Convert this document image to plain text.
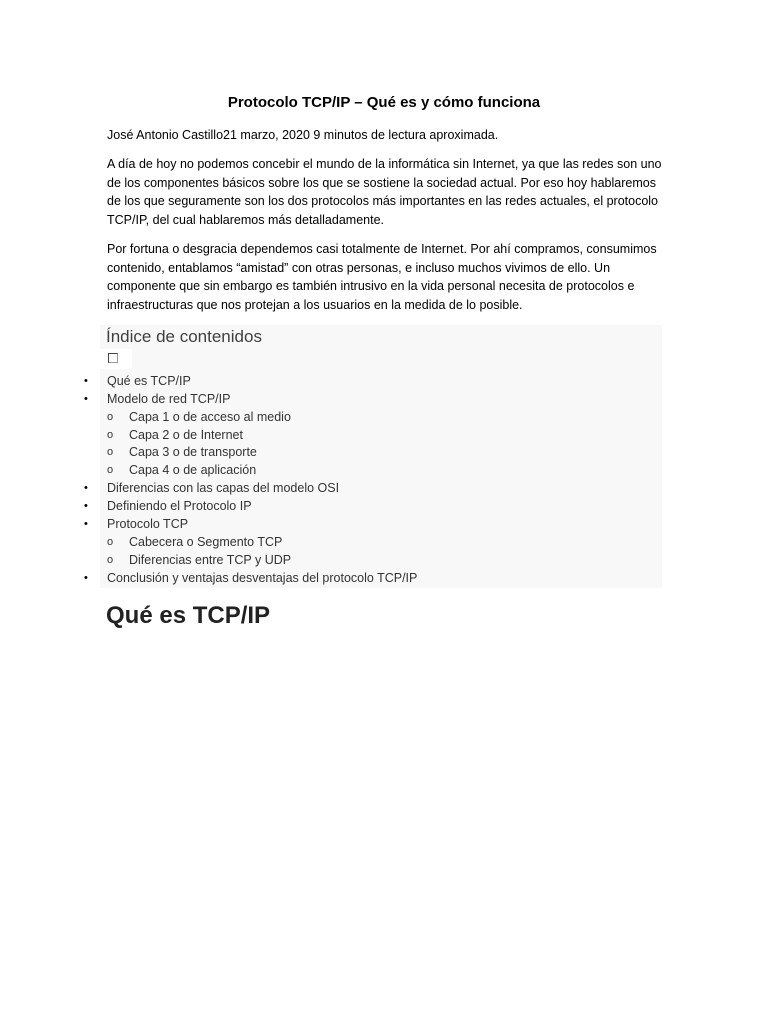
Protocolo TCP/IP – Qué es y cómo funciona

José Antonio Castillo21 marzo, 2020 9 minutos de lectura aproximada.

A día de hoy no podemos concebir el mundo de la informática sin Internet, ya que las redes son uno de los componentes básicos sobre los que se sostiene la sociedad actual. Por eso hoy hablaremos de los que seguramente son los dos protocolos más importantes en las redes actuales, el protocolo TCP/IP, del cual hablaremos más detalladamente.

Por fortuna o desgracia dependemos casi totalmente de Internet. Por ahí compramos, consumimos contenido, entablamos “amistad” con otras personas, e incluso muchos vivimos de ello. Un componente que sin embargo es también intrusivo en la vida personal necesita de protocolos e infraestructuras que nos protejan a los usuarios en la medida de lo posible.

Índice de contenidos
•	Qué es TCP/IP
•	Modelo de red TCP/IP
o	Capa 1 o de acceso al medio
o	Capa 2 o de Internet
o	Capa 3 o de transporte
o	Capa 4 o de aplicación
•	Diferencias con las capas del modelo OSI
•	Definiendo el Protocolo IP
•	Protocolo TCP
o	Cabecera o Segmento TCP
o	Diferencias entre TCP y UDP
•	Conclusión y ventajas desventajas del protocolo TCP/IP
Qué es TCP/IP
